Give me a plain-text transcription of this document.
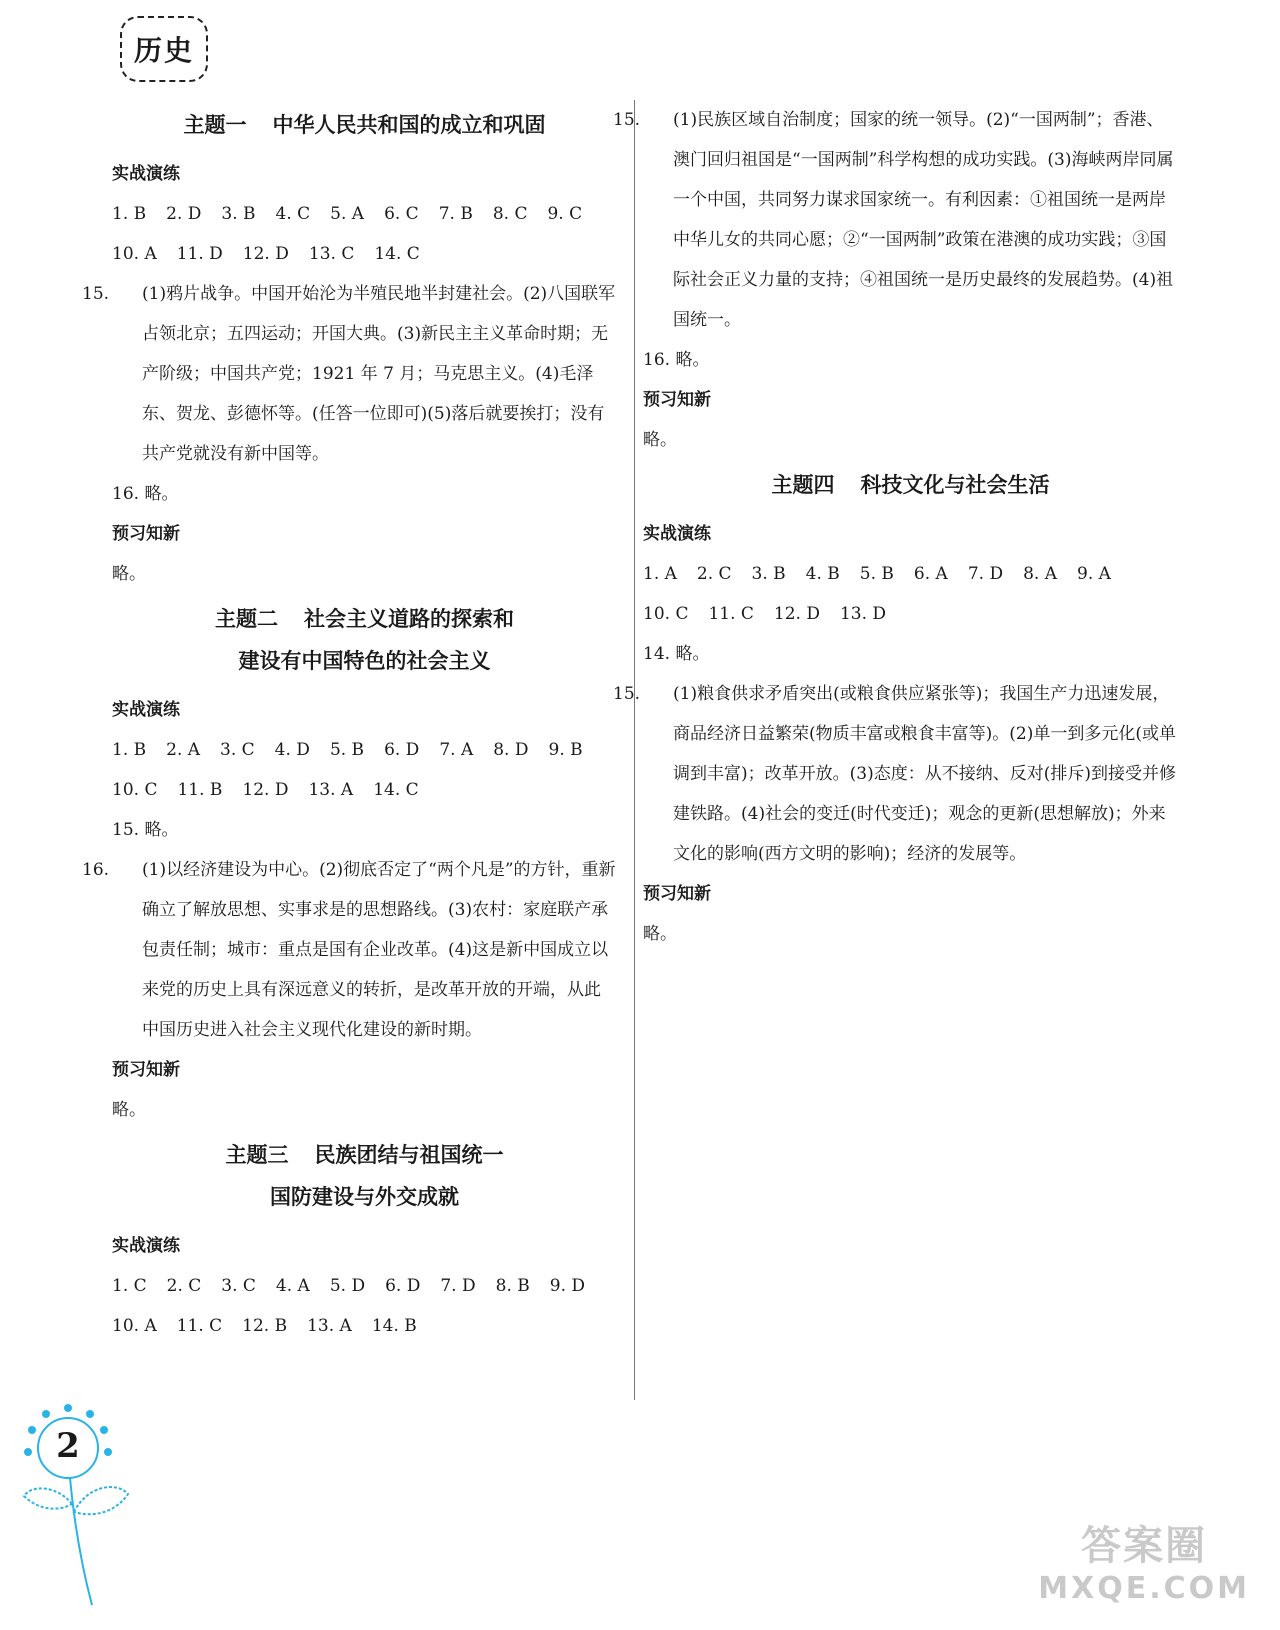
历史
主题一 中华人民共和国的成立和巩固

实战演练

1. B 2. D 3. B 4. C 5. A 6. C 7. B 8. C 9. C

10. A 11. D 12. D 13. C 14. C

15. (1)鸦片战争。中国开始沦为半殖民地半封建社会。(2)八国联军占领北京；五四运动；开国大典。(3)新民主主义革命时期；无产阶级；中国共产党；1921 年 7 月；马克思主义。(4)毛泽东、贺龙、彭德怀等。(任答一位即可)(5)落后就要挨打；没有共产党就没有新中国等。

16. 略。

预习知新

略。

主题二 社会主义道路的探索和
建设有中国特色的社会主义

实战演练

1. B 2. A 3. C 4. D 5. B 6. D 7. A 8. D 9. B

10. C 11. B 12. D 13. A 14. C

15. 略。

16. (1)以经济建设为中心。(2)彻底否定了“两个凡是”的方针，重新确立了解放思想、实事求是的思想路线。(3)农村：家庭联产承包责任制；城市：重点是国有企业改革。(4)这是新中国成立以来党的历史上具有深远意义的转折，是改革开放的开端，从此中国历史进入社会主义现代化建设的新时期。

预习知新

略。

主题三 民族团结与祖国统一
国防建设与外交成就

实战演练

1. C 2. C 3. C 4. A 5. D 6. D 7. D 8. B 9. D

10. A 11. C 12. B 13. A 14. B

15. (1)民族区域自治制度；国家的统一领导。(2)“一国两制”；香港、澳门回归祖国是“一国两制”科学构想的成功实践。(3)海峡两岸同属一个中国，共同努力谋求国家统一。有利因素：①祖国统一是两岸中华儿女的共同心愿；②“一国两制”政策在港澳的成功实践；③国际社会正义力量的支持；④祖国统一是历史最终的发展趋势。(4)祖国统一。

16. 略。

预习知新

略。

主题四 科技文化与社会生活

实战演练

1. A 2. C 3. B 4. B 5. B 6. A 7. D 8. A 9. A

10. C 11. C 12. D 13. D

14. 略。

15. (1)粮食供求矛盾突出(或粮食供应紧张等)；我国生产力迅速发展，商品经济日益繁荣(物质丰富或粮食丰富等)。(2)单一到多元化(或单调到丰富)；改革开放。(3)态度：从不接纳、反对(排斥)到接受并修建铁路。(4)社会的变迁(时代变迁)；观念的更新(思想解放)；外来文化的影响(西方文明的影响)；经济的发展等。

预习知新

略。

2
答案圈
MXQE.COM
